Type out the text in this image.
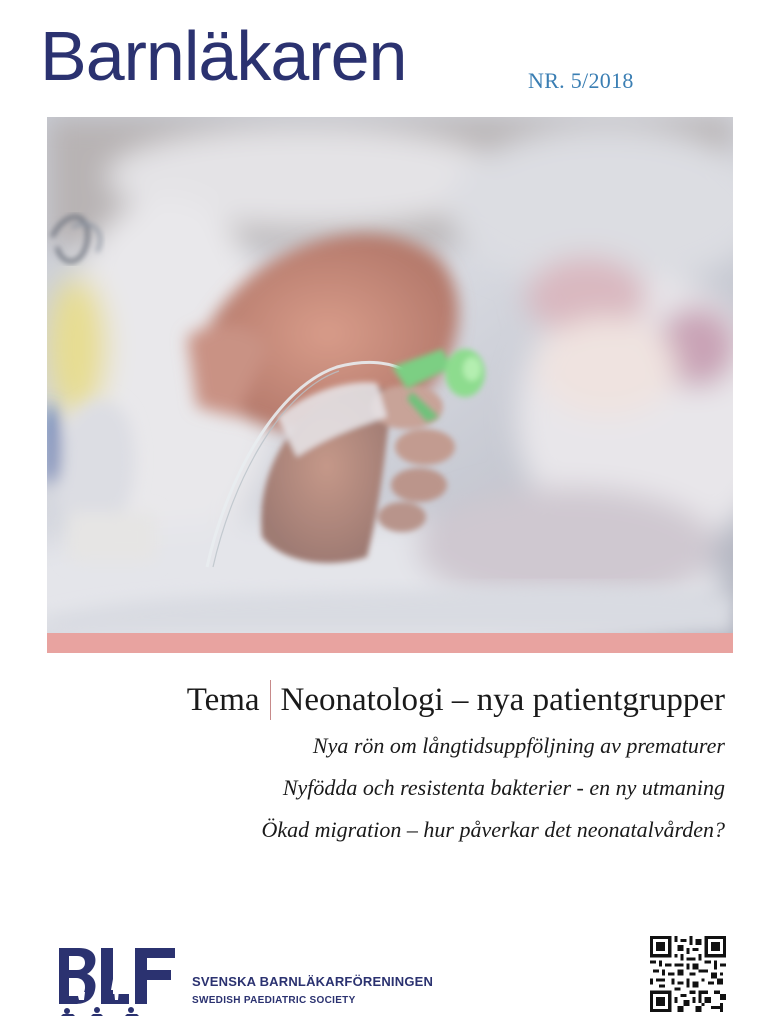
Barnläkaren	NR. 5/2018
Tema Neonatologi – nya patientgrupper
Nya rön om långtidsuppföljning av prematurer
Nyfödda och resistenta bakterier - en ny utmaning
Ökad migration – hur påverkar det neonatalvården?
SVENSKA BARNLÄKARFÖRENINGEN
SWEDISH PAEDIATRIC SOCIETY
